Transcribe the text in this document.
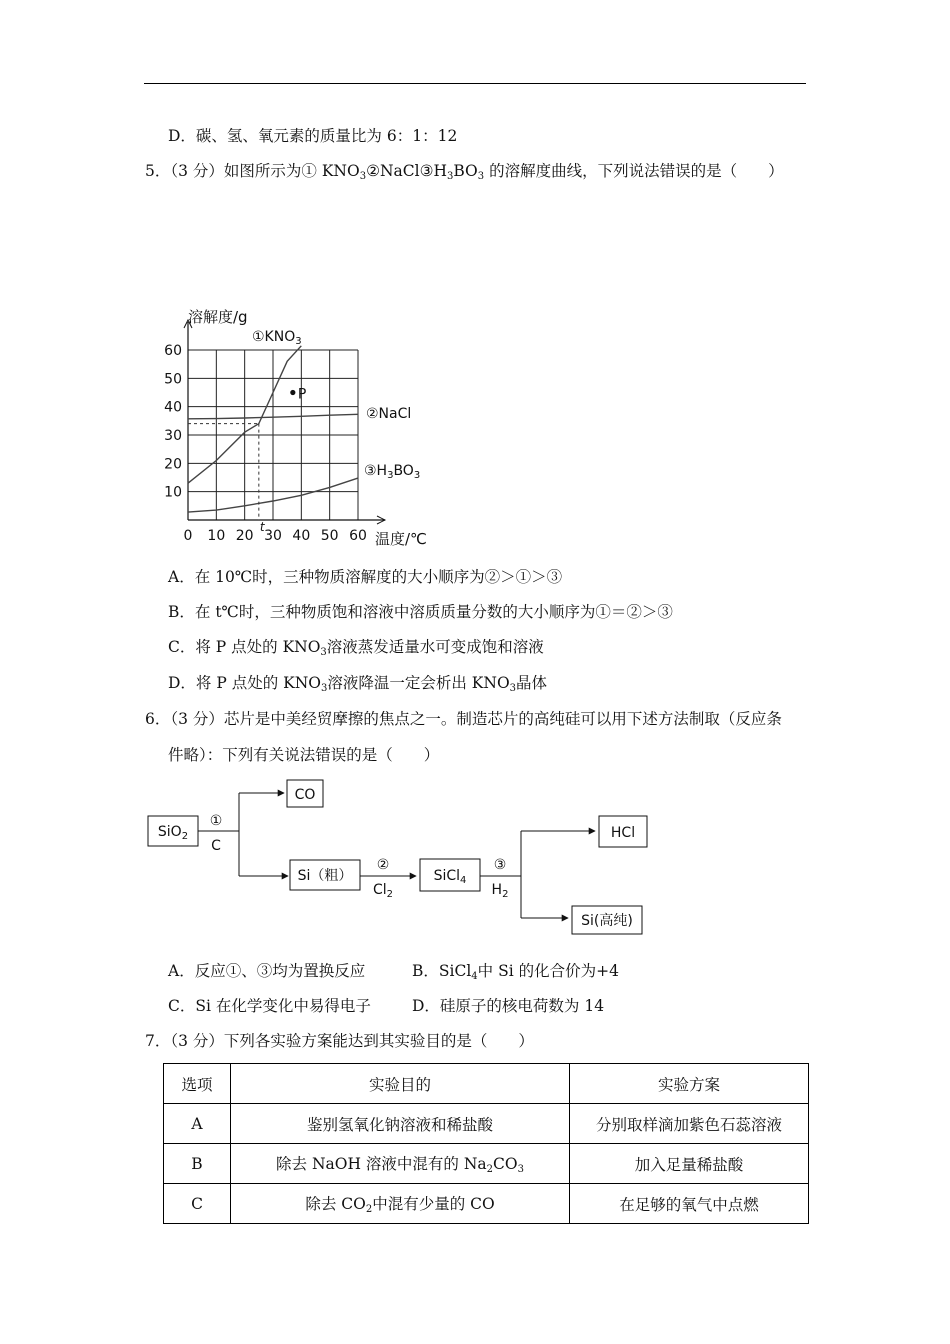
D．碳、氢、氧元素的质量比为 6：1：12
5．（3 分）如图所示为① $KNO_3②NaCl③H_3BO_3$ 的溶解度曲线，下列说法错误的是（　　）
10
20
30
40
50
60
0 10 20 30 40 50 60
溶解度/g
温度/℃
t
P
$①KNO_3$
②NaCl
$③H_3BO_3$
A．在 10℃时，三种物质溶解度的大小顺序为②＞①＞③
B．在 t℃时，三种物质饱和溶液中溶质质量分数的大小顺序为①＝②＞③
C．将 P 点处的 $KNO_3$溶液蒸发适量水可变成饱和溶液
D．将 P 点处的 $KNO_3$溶液降温一定会析出 $KNO_3$晶体
6．（3 分）芯片是中美经贸摩擦的焦点之一。制造芯片的高纯硅可以用下述方法制取（反应条
件略）：下列有关说法错误的是（　　）
SiO$_2$
①
C
CO
Si（粗）
②
$Cl_2$
SiCl$_4$
③
$H_2$
HCl
Si(高纯)
A．反应①、③均为置换反应	B．SiCl$_4$中 Si 的化合价为+4
C．Si 在化学变化中易得电子	D．硅原子的核电荷数为 14
7．（3 分）下列各实验方案能达到其实验目的是（　　）
选项	实验目的	实验方案
A	鉴别氢氧化钠溶液和稀盐酸	分别取样滴加紫色石蕊溶液
B	除去 NaOH 溶液中混有的 $Na_2CO_3$	加入足量稀盐酸
C	除去 $CO_2$中混有少量的 CO	在足够的氧气中点燃
